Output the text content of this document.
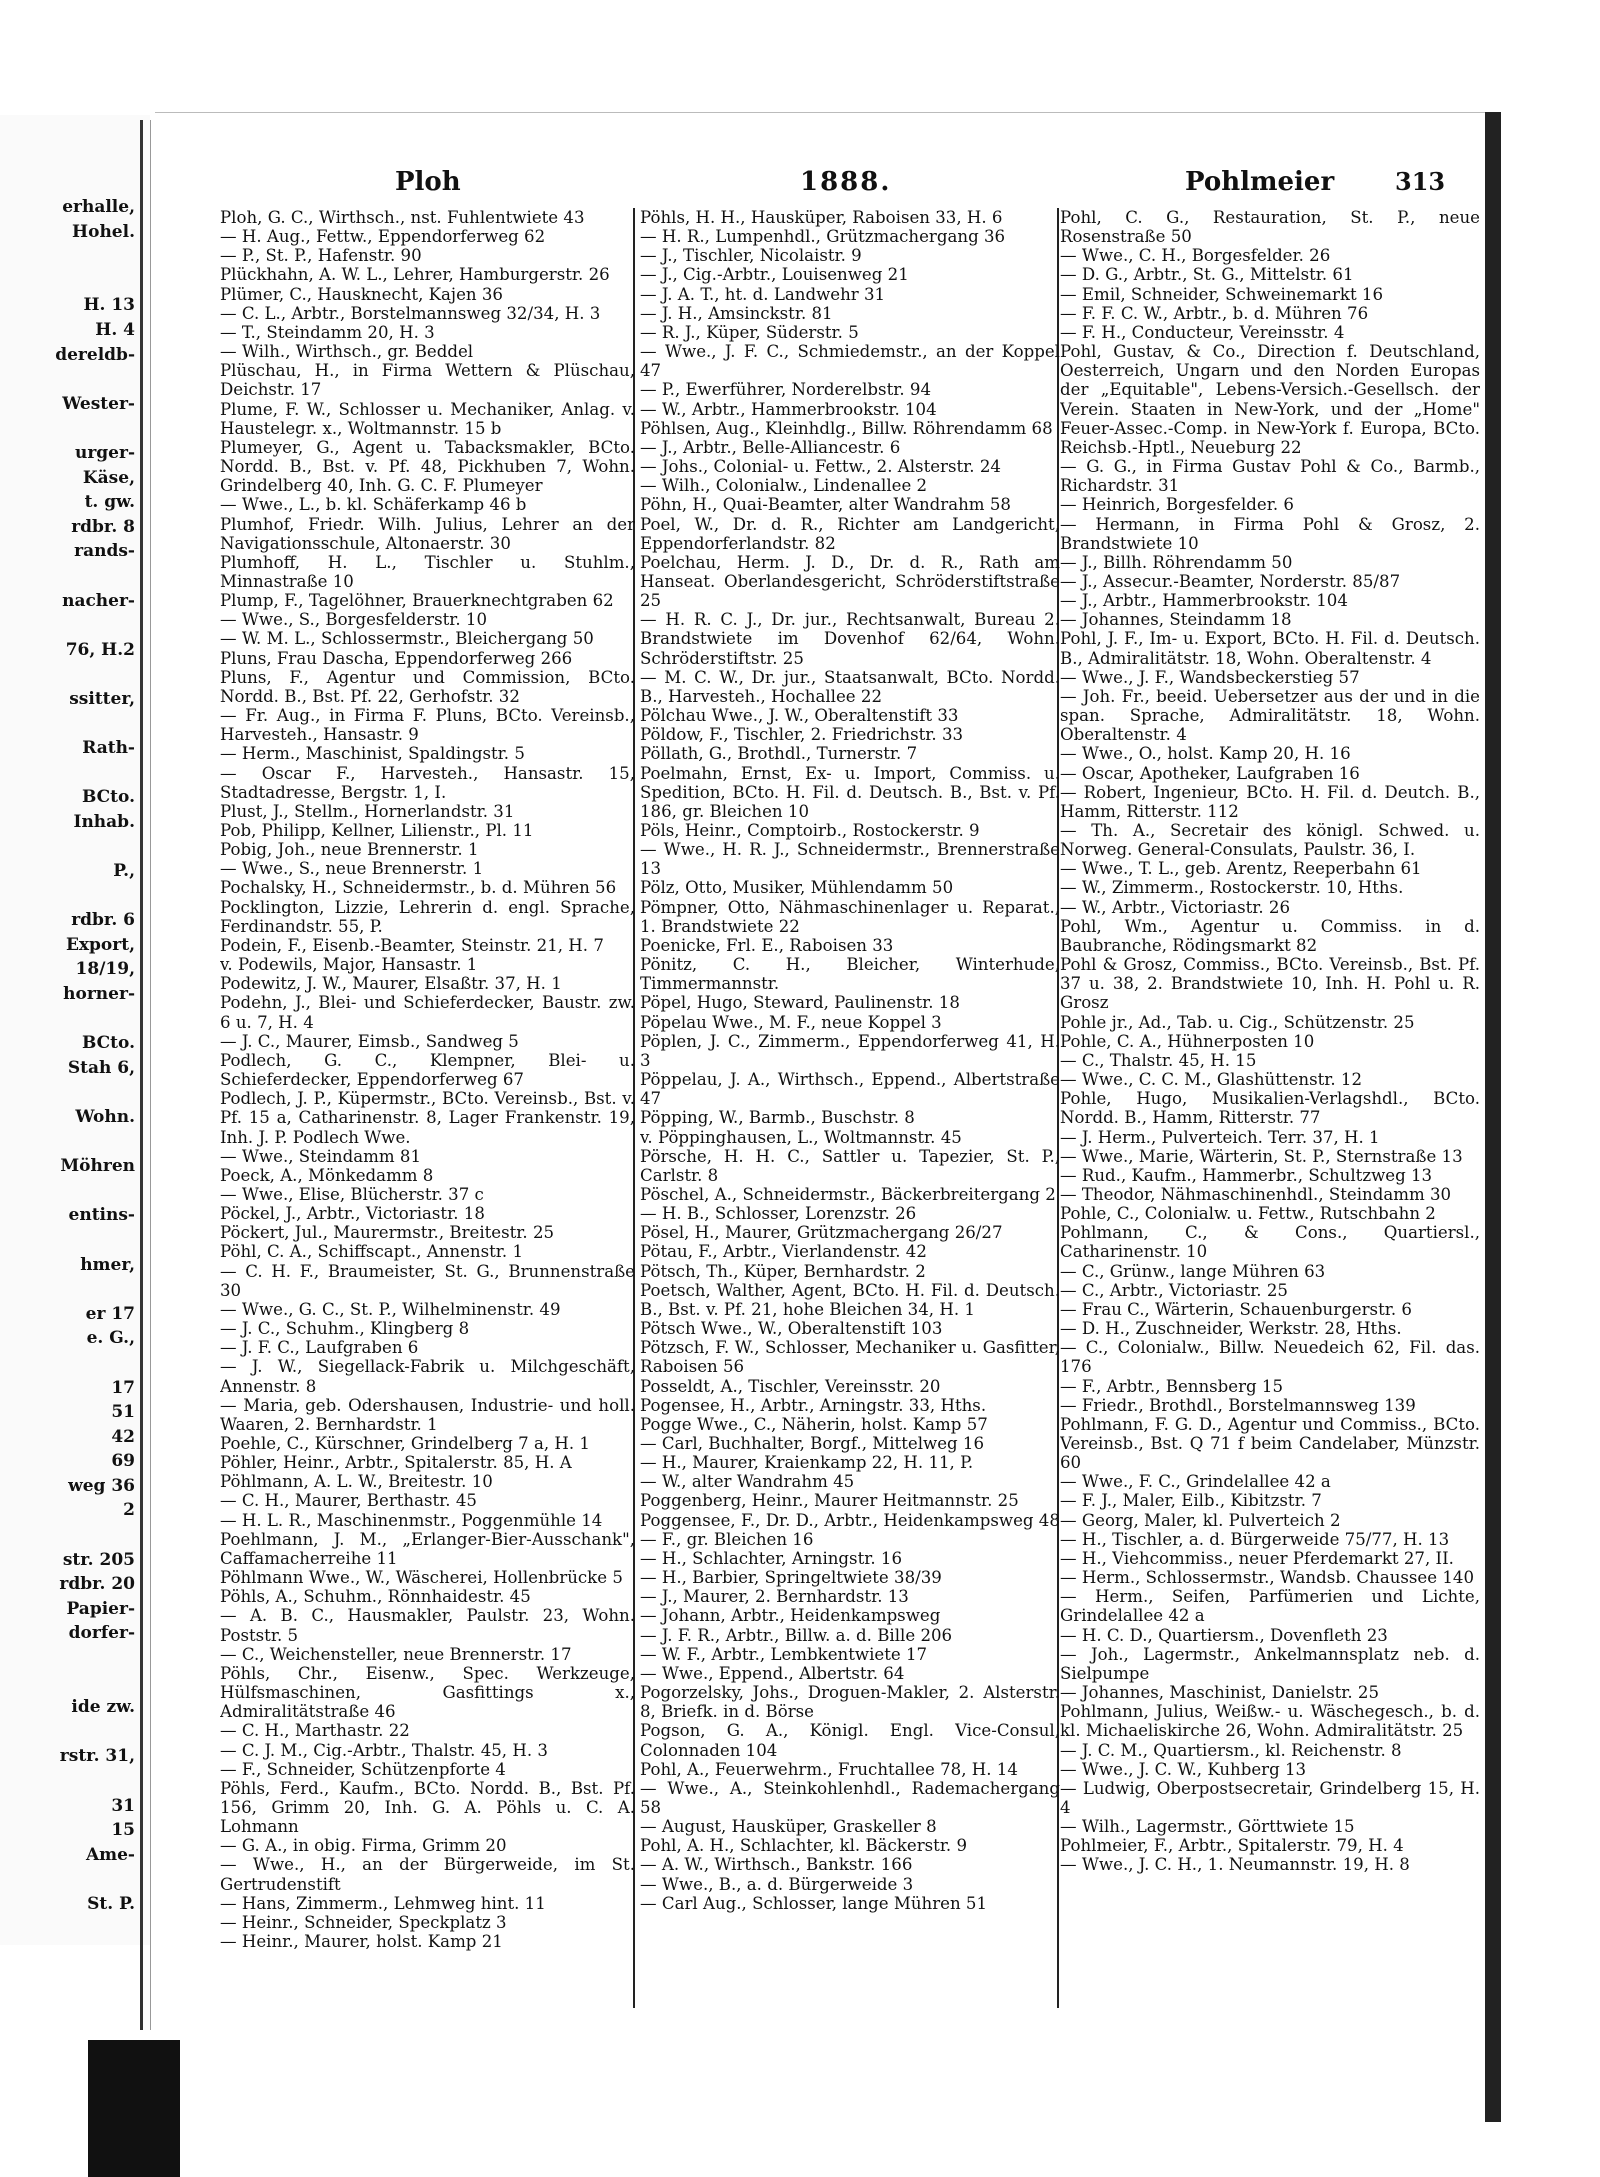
erhalle,
Hohel.
H. 13
H. 4
dereldb-
Wester-
urger-
Käse,
t. gw.
rdbr. 8
rands-
nacher-
76, H.2
ssitter,
Rath-
BCto.
Inhab.
P.,
rdbr. 6
Export,
18/19,
horner-
BCto.
Stah 6,
Wohn.
Möhren
entins-
hmer,
er 17
e. G.,
17
51
42
69
weg 36
2
str. 205
rdbr. 20
Papier-
dorfer-
ide zw.
rstr. 31,
31
15
Ame-
St. P.
Ploh	1888.	Pohlmeier	313
Ploh, G. C., Wirthsch., nst. Fuhlentwiete 43
— H. Aug., Fettw., Eppendorferweg 62
— P., St. P., Hafenstr. 90
Plückhahn, A. W. L., Lehrer, Hamburgerstr. 26
Plümer, C., Hausknecht, Kajen 36
— C. L., Arbtr., Borstelmannsweg 32/34, H. 3
— T., Steindamm 20, H. 3
— Wilh., Wirthsch., gr. Beddel
Plüschau, H., in Firma Wettern & Plüschau, Deichstr. 17
Plume, F. W., Schlosser u. Mechaniker, Anlag. v. Haustelegr. x., Woltmannstr. 15 b
Plumeyer, G., Agent u. Tabacksmakler, BCto. Nordd. B., Bst. v. Pf. 48, Pickhuben 7, Wohn. Grindelberg 40, Inh. G. C. F. Plumeyer
— Wwe., L., b. kl. Schäferkamp 46 b
Plumhof, Friedr. Wilh. Julius, Lehrer an der Navigationsschule, Altonaerstr. 30
Plumhoff, H. L., Tischler u. Stuhlm., Minnastraße 10
Plump, F., Tagelöhner, Brauerknechtgraben 62
— Wwe., S., Borgesfelderstr. 10
— W. M. L., Schlossermstr., Bleichergang 50
Pluns, Frau Dascha, Eppendorferweg 266
Pluns, F., Agentur und Commission, BCto. Nordd. B., Bst. Pf. 22, Gerhofstr. 32
— Fr. Aug., in Firma F. Pluns, BCto. Vereinsb., Harvesteh., Hansastr. 9
— Herm., Maschinist, Spaldingstr. 5
— Oscar F., Harvesteh., Hansastr. 15, Stadtadresse, Bergstr. 1, I.
Plust, J., Stellm., Hornerlandstr. 31
Pob, Philipp, Kellner, Lilienstr., Pl. 11
Pobig, Joh., neue Brennerstr. 1
— Wwe., S., neue Brennerstr. 1
Pochalsky, H., Schneidermstr., b. d. Mühren 56
Pocklington, Lizzie, Lehrerin d. engl. Sprache, Ferdinandstr. 55, P.
Podein, F., Eisenb.-Beamter, Steinstr. 21, H. 7
v. Podewils, Major, Hansastr. 1
Podewitz, J. W., Maurer, Elsaßtr. 37, H. 1
Podehn, J., Blei- und Schieferdecker, Baustr. zw. 6 u. 7, H. 4
— J. C., Maurer, Eimsb., Sandweg 5
Podlech, G. C., Klempner, Blei- u. Schieferdecker, Eppendorferweg 67
Podlech, J. P., Küpermstr., BCto. Vereinsb., Bst. v. Pf. 15 a, Catharinenstr. 8, Lager Frankenstr. 19, Inh. J. P. Podlech Wwe.
— Wwe., Steindamm 81
Poeck, A., Mönkedamm 8
— Wwe., Elise, Blücherstr. 37 c
Pöckel, J., Arbtr., Victoriastr. 18
Pöckert, Jul., Maurermstr., Breitestr. 25
Pöhl, C. A., Schiffscapt., Annenstr. 1
— C. H. F., Braumeister, St. G., Brunnenstraße 30
— Wwe., G. C., St. P., Wilhelminenstr. 49
— J. C., Schuhm., Klingberg 8
— J. F. C., Laufgraben 6
— J. W., Siegellack-Fabrik u. Milchgeschäft, Annenstr. 8
— Maria, geb. Odershausen, Industrie- und holl. Waaren, 2. Bernhardstr. 1
Poehle, C., Kürschner, Grindelberg 7 a, H. 1
Pöhler, Heinr., Arbtr., Spitalerstr. 85, H. A
Pöhlmann, A. L. W., Breitestr. 10
— C. H., Maurer, Berthastr. 45
— H. L. R., Maschinenmstr., Poggenmühle 14
Poehlmann, J. M., „Erlanger-Bier-Ausschank", Caffamacherreihe 11
Pöhlmann Wwe., W., Wäscherei, Hollenbrücke 5
Pöhls, A., Schuhm., Rönnhaidestr. 45
— A. B. C., Hausmakler, Paulstr. 23, Wohn. Poststr. 5
— C., Weichensteller, neue Brennerstr. 17
Pöhls, Chr., Eisenw., Spec. Werkzeuge, Hülfsmaschinen, Gasfittings x., Admiralitätstraße 46
— C. H., Marthastr. 22
— C. J. M., Cig.-Arbtr., Thalstr. 45, H. 3
— F., Schneider, Schützenpforte 4
Pöhls, Ferd., Kaufm., BCto. Nordd. B., Bst. Pf. 156, Grimm 20, Inh. G. A. Pöhls u. C. A. Lohmann
— G. A., in obig. Firma, Grimm 20
— Wwe., H., an der Bürgerweide, im St. Gertrudenstift
— Hans, Zimmerm., Lehmweg hint. 11
— Heinr., Schneider, Speckplatz 3
— Heinr., Maurer, holst. Kamp 21
Pöhls, H. H., Hausküper, Raboisen 33, H. 6
— H. R., Lumpenhdl., Grützmachergang 36
— J., Tischler, Nicolaistr. 9
— J., Cig.-Arbtr., Louisenweg 21
— J. A. T., ht. d. Landwehr 31
— J. H., Amsinckstr. 81
— R. J., Küper, Süderstr. 5
— Wwe., J. F. C., Schmiedemstr., an der Koppel 47
— P., Ewerführer, Norderelbstr. 94
— W., Arbtr., Hammerbrookstr. 104
Pöhlsen, Aug., Kleinhdlg., Billw. Röhrendamm 68
— J., Arbtr., Belle-Alliancestr. 6
— Johs., Colonial- u. Fettw., 2. Alsterstr. 24
— Wilh., Colonialw., Lindenallee 2
Pöhn, H., Quai-Beamter, alter Wandrahm 58
Poel, W., Dr. d. R., Richter am Landgericht, Eppendorferlandstr. 82
Poelchau, Herm. J. D., Dr. d. R., Rath am Hanseat. Oberlandesgericht, Schröderstiftstraße 25
— H. R. C. J., Dr. jur., Rechtsanwalt, Bureau 2. Brandstwiete im Dovenhof 62/64, Wohn. Schröderstiftstr. 25
— M. C. W., Dr. jur., Staatsanwalt, BCto. Nordd. B., Harvesteh., Hochallee 22
Pölchau Wwe., J. W., Oberaltenstift 33
Pöldow, F., Tischler, 2. Friedrichstr. 33
Pöllath, G., Brothdl., Turnerstr. 7
Poelmahn, Ernst, Ex- u. Import, Commiss. u. Spedition, BCto. H. Fil. d. Deutsch. B., Bst. v. Pf. 186, gr. Bleichen 10
Pöls, Heinr., Comptoirb., Rostockerstr. 9
— Wwe., H. R. J., Schneidermstr., Brennerstraße 13
Pölz, Otto, Musiker, Mühlendamm 50
Pömpner, Otto, Nähmaschinenlager u. Reparat., 1. Brandstwiete 22
Poenicke, Frl. E., Raboisen 33
Pönitz, C. H., Bleicher, Winterhude, Timmermannstr.
Pöpel, Hugo, Steward, Paulinenstr. 18
Pöpelau Wwe., M. F., neue Koppel 3
Pöplen, J. C., Zimmerm., Eppendorferweg 41, H. 3
Pöppelau, J. A., Wirthsch., Eppend., Albertstraße 47
Pöpping, W., Barmb., Buschstr. 8
v. Pöppinghausen, L., Woltmannstr. 45
Pörsche, H. H. C., Sattler u. Tapezier, St. P., Carlstr. 8
Pöschel, A., Schneidermstr., Bäckerbreitergang 2
— H. B., Schlosser, Lorenzstr. 26
Pösel, H., Maurer, Grützmachergang 26/27
Pötau, F., Arbtr., Vierlandenstr. 42
Pötsch, Th., Küper, Bernhardstr. 2
Poetsch, Walther, Agent, BCto. H. Fil. d. Deutsch. B., Bst. v. Pf. 21, hohe Bleichen 34, H. 1
Pötsch Wwe., W., Oberaltenstift 103
Pötzsch, F. W., Schlosser, Mechaniker u. Gasfitter, Raboisen 56
Posseldt, A., Tischler, Vereinsstr. 20
Pogensee, H., Arbtr., Arningstr. 33, Hths.
Pogge Wwe., C., Näherin, holst. Kamp 57
— Carl, Buchhalter, Borgf., Mittelweg 16
— H., Maurer, Kraienkamp 22, H. 11, P.
— W., alter Wandrahm 45
Poggenberg, Heinr., Maurer Heitmannstr. 25
Poggensee, F., Dr. D., Arbtr., Heidenkampsweg 48
— F., gr. Bleichen 16
— H., Schlachter, Arningstr. 16
— H., Barbier, Springeltwiete 38/39
— J., Maurer, 2. Bernhardstr. 13
— Johann, Arbtr., Heidenkampsweg
— J. F. R., Arbtr., Billw. a. d. Bille 206
— W. F., Arbtr., Lembkentwiete 17
— Wwe., Eppend., Albertstr. 64
Pogorzelsky, Johs., Droguen-Makler, 2. Alsterstr. 8, Briefk. in d. Börse
Pogson, G. A., Königl. Engl. Vice-Consul, Colonnaden 104
Pohl, A., Feuerwehrm., Fruchtallee 78, H. 14
— Wwe., A., Steinkohlenhdl., Rademachergang 58
— August, Hausküper, Graskeller 8
Pohl, A. H., Schlachter, kl. Bäckerstr. 9
— A. W., Wirthsch., Bankstr. 166
— Wwe., B., a. d. Bürgerweide 3
— Carl Aug., Schlosser, lange Mühren 51
Pohl, C. G., Restauration, St. P., neue Rosenstraße 50
— Wwe., C. H., Borgesfelder. 26
— D. G., Arbtr., St. G., Mittelstr. 61
— Emil, Schneider, Schweinemarkt 16
— F. F. C. W., Arbtr., b. d. Mühren 76
— F. H., Conducteur, Vereinsstr. 4
Pohl, Gustav, & Co., Direction f. Deutschland, Oesterreich, Ungarn und den Norden Europas der „Equitable", Lebens-Versich.-Gesellsch. der Verein. Staaten in New-York, und der „Home" Feuer-Assec.-Comp. in New-York f. Europa, BCto. Reichsb.-Hptl., Neueburg 22
— G. G., in Firma Gustav Pohl & Co., Barmb., Richardstr. 31
— Heinrich, Borgesfelder. 6
— Hermann, in Firma Pohl & Grosz, 2. Brandstwiete 10
— J., Billh. Röhrendamm 50
— J., Assecur.-Beamter, Norderstr. 85/87
— J., Arbtr., Hammerbrookstr. 104
— Johannes, Steindamm 18
Pohl, J. F., Im- u. Export, BCto. H. Fil. d. Deutsch. B., Admiralitätstr. 18, Wohn. Oberaltenstr. 4
— Wwe., J. F., Wandsbeckerstieg 57
— Joh. Fr., beeid. Uebersetzer aus der und in die span. Sprache, Admiralitätstr. 18, Wohn. Oberaltenstr. 4
— Wwe., O., holst. Kamp 20, H. 16
— Oscar, Apotheker, Laufgraben 16
— Robert, Ingenieur, BCto. H. Fil. d. Deutch. B., Hamm, Ritterstr. 112
— Th. A., Secretair des königl. Schwed. u. Norweg. General-Consulats, Paulstr. 36, I.
— Wwe., T. L., geb. Arentz, Reeperbahn 61
— W., Zimmerm., Rostockerstr. 10, Hths.
— W., Arbtr., Victoriastr. 26
Pohl, Wm., Agentur u. Commiss. in d. Baubranche, Rödingsmarkt 82
Pohl & Grosz, Commiss., BCto. Vereinsb., Bst. Pf. 37 u. 38, 2. Brandstwiete 10, Inh. H. Pohl u. R. Grosz
Pohle jr., Ad., Tab. u. Cig., Schützenstr. 25
Pohle, C. A., Hühnerposten 10
— C., Thalstr. 45, H. 15
— Wwe., C. C. M., Glashüttenstr. 12
Pohle, Hugo, Musikalien-Verlagshdl., BCto. Nordd. B., Hamm, Ritterstr. 77
— J. Herm., Pulverteich. Terr. 37, H. 1
— Wwe., Marie, Wärterin, St. P., Sternstraße 13
— Rud., Kaufm., Hammerbr., Schultzweg 13
— Theodor, Nähmaschinenhdl., Steindamm 30
Pohle, C., Colonialw. u. Fettw., Rutschbahn 2
Pohlmann, C., & Cons., Quartiersl., Catharinenstr. 10
— C., Grünw., lange Mühren 63
— C., Arbtr., Victoriastr. 25
— Frau C., Wärterin, Schauenburgerstr. 6
— D. H., Zuschneider, Werkstr. 28, Hths.
— C., Colonialw., Billw. Neuedeich 62, Fil. das. 176
— F., Arbtr., Bennsberg 15
— Friedr., Brothdl., Borstelmannsweg 139
Pohlmann, F. G. D., Agentur und Commiss., BCto. Vereinsb., Bst. Q 71 f beim Candelaber, Münzstr. 60
— Wwe., F. C., Grindelallee 42 a
— F. J., Maler, Eilb., Kibitzstr. 7
— Georg, Maler, kl. Pulverteich 2
— H., Tischler, a. d. Bürgerweide 75/77, H. 13
— H., Viehcommiss., neuer Pferdemarkt 27, II.
— Herm., Schlossermstr., Wandsb. Chaussee 140
— Herm., Seifen, Parfümerien und Lichte, Grindelallee 42 a
— H. C. D., Quartiersm., Dovenfleth 23
— Joh., Lagermstr., Ankelmannsplatz neb. d. Sielpumpe
— Johannes, Maschinist, Danielstr. 25
Pohlmann, Julius, Weißw.- u. Wäschegesch., b. d. kl. Michaeliskirche 26, Wohn. Admiralitätstr. 25
— J. C. M., Quartiersm., kl. Reichenstr. 8
— Wwe., J. C. W., Kuhberg 13
— Ludwig, Oberpostsecretair, Grindelberg 15, H. 4
— Wilh., Lagermstr., Görttwiete 15
Pohlmeier, F., Arbtr., Spitalerstr. 79, H. 4
— Wwe., J. C. H., 1. Neumannstr. 19, H. 8
